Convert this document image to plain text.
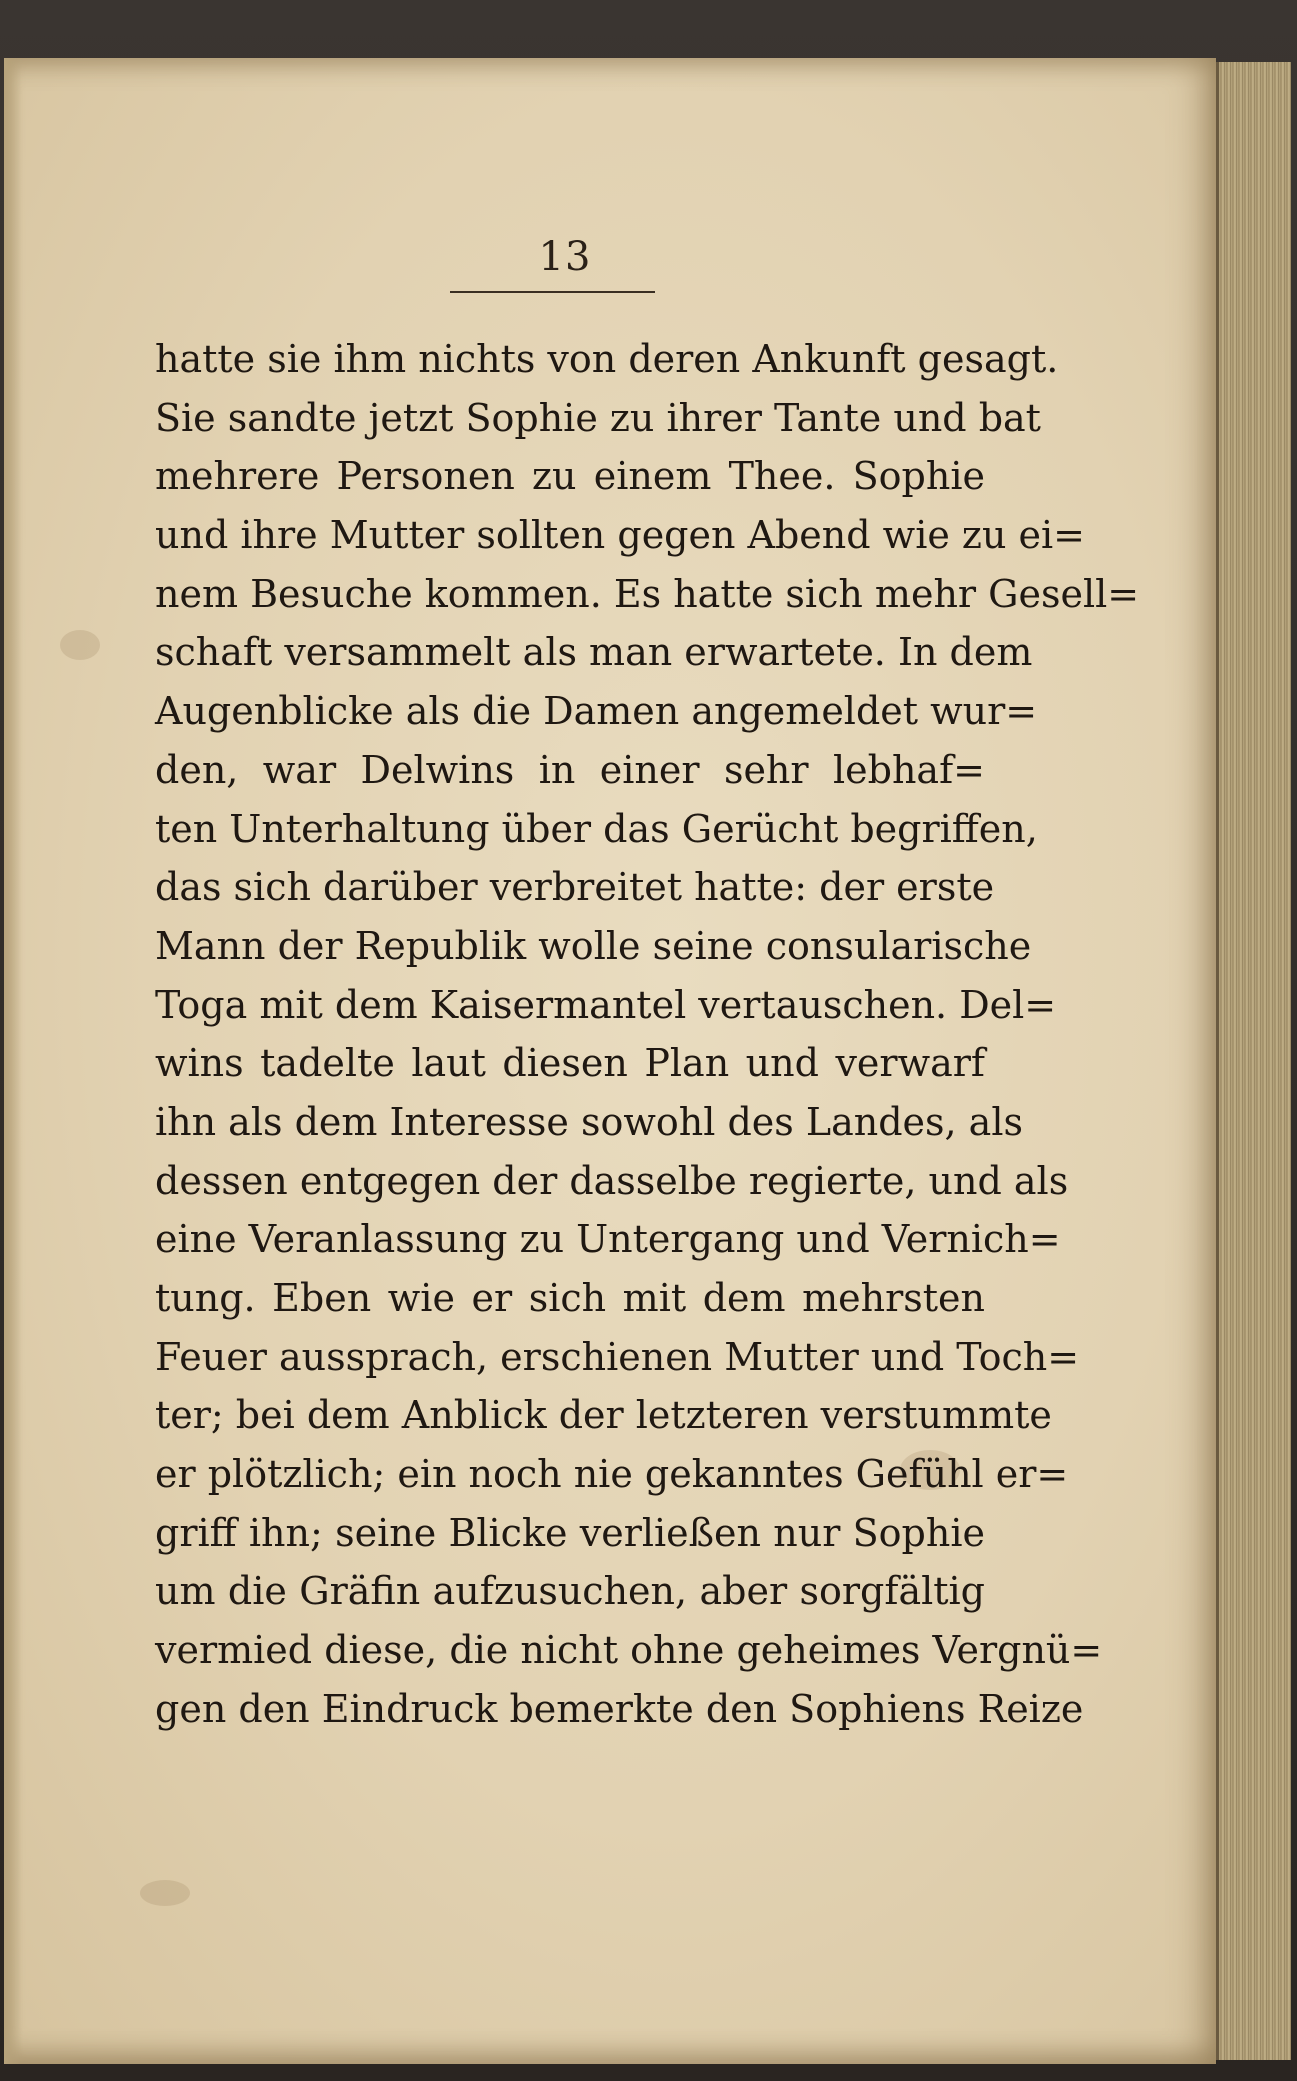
13
hatte sie ihm nichts von deren Ankunft gesagt.
Sie sandte jetzt Sophie zu ihrer Tante und bat
mehrere Personen zu einem Thee. Sophie
und ihre Mutter sollten gegen Abend wie zu ei=
nem Besuche kommen. Es hatte sich mehr Gesell=
schaft versammelt als man erwartete. In dem
Augenblicke als die Damen angemeldet wur=
den, war Delwins in einer sehr lebhaf=
ten Unterhaltung über das Gerücht begriffen,
das sich darüber verbreitet hatte: der erste
Mann der Republik wolle seine consularische
Toga mit dem Kaisermantel vertauschen. Del=
wins tadelte laut diesen Plan und verwarf
ihn als dem Interesse sowohl des Landes, als
dessen entgegen der dasselbe regierte, und als
eine Veranlassung zu Untergang und Vernich=
tung. Eben wie er sich mit dem mehrsten
Feuer aussprach, erschienen Mutter und Toch=
ter; bei dem Anblick der letzteren verstummte
er plötzlich; ein noch nie gekanntes Gefühl er=
griff ihn; seine Blicke verließen nur Sophie
um die Gräfin aufzusuchen, aber sorgfältig
vermied diese, die nicht ohne geheimes Vergnü=
gen den Eindruck bemerkte den Sophiens Reize
